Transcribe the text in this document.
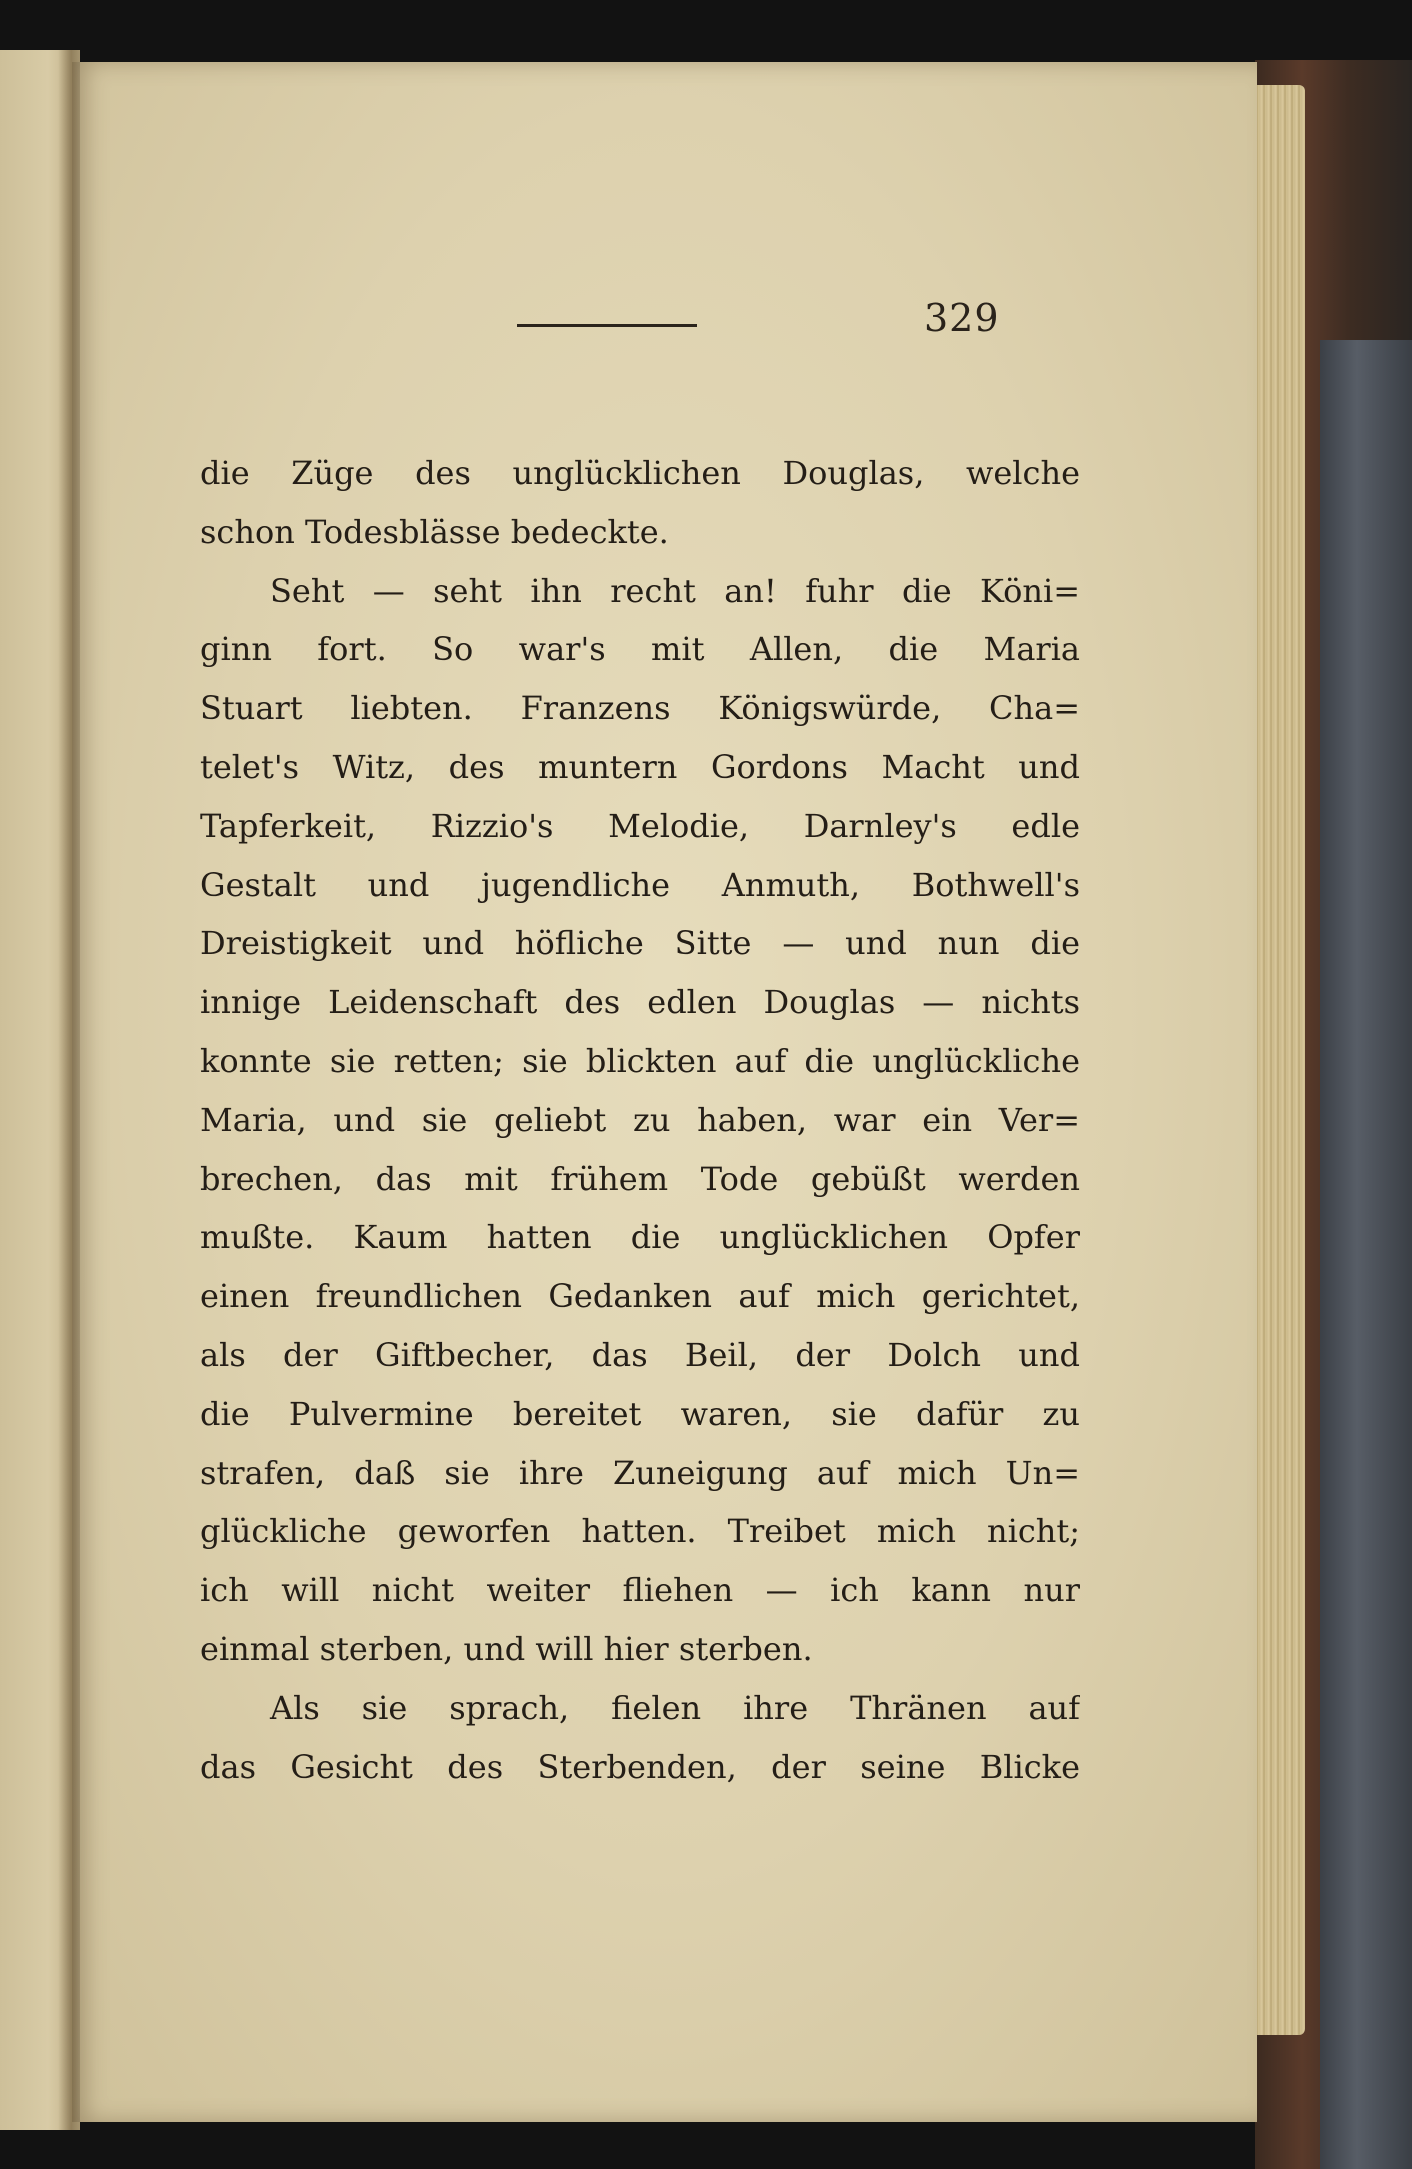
329
die Züge des unglücklichen Douglas, welche
schon Todesblässe bedeckte.
Seht — seht ihn recht an! fuhr die Köni=
ginn fort. So war's mit Allen, die Maria
Stuart liebten. Franzens Königswürde, Cha=
telet's Witz, des muntern Gordons Macht und
Tapferkeit, Rizzio's Melodie, Darnley's edle
Gestalt und jugendliche Anmuth, Bothwell's
Dreistigkeit und höfliche Sitte — und nun die
innige Leidenschaft des edlen Douglas — nichts
konnte sie retten; sie blickten auf die unglückliche
Maria, und sie geliebt zu haben, war ein Ver=
brechen, das mit frühem Tode gebüßt werden
mußte. Kaum hatten die unglücklichen Opfer
einen freundlichen Gedanken auf mich gerichtet,
als der Giftbecher, das Beil, der Dolch und
die Pulvermine bereitet waren, sie dafür zu
strafen, daß sie ihre Zuneigung auf mich Un=
glückliche geworfen hatten. Treibet mich nicht;
ich will nicht weiter fliehen — ich kann nur
einmal sterben, und will hier sterben.
Als sie sprach, fielen ihre Thränen auf
das Gesicht des Sterbenden, der seine Blicke
